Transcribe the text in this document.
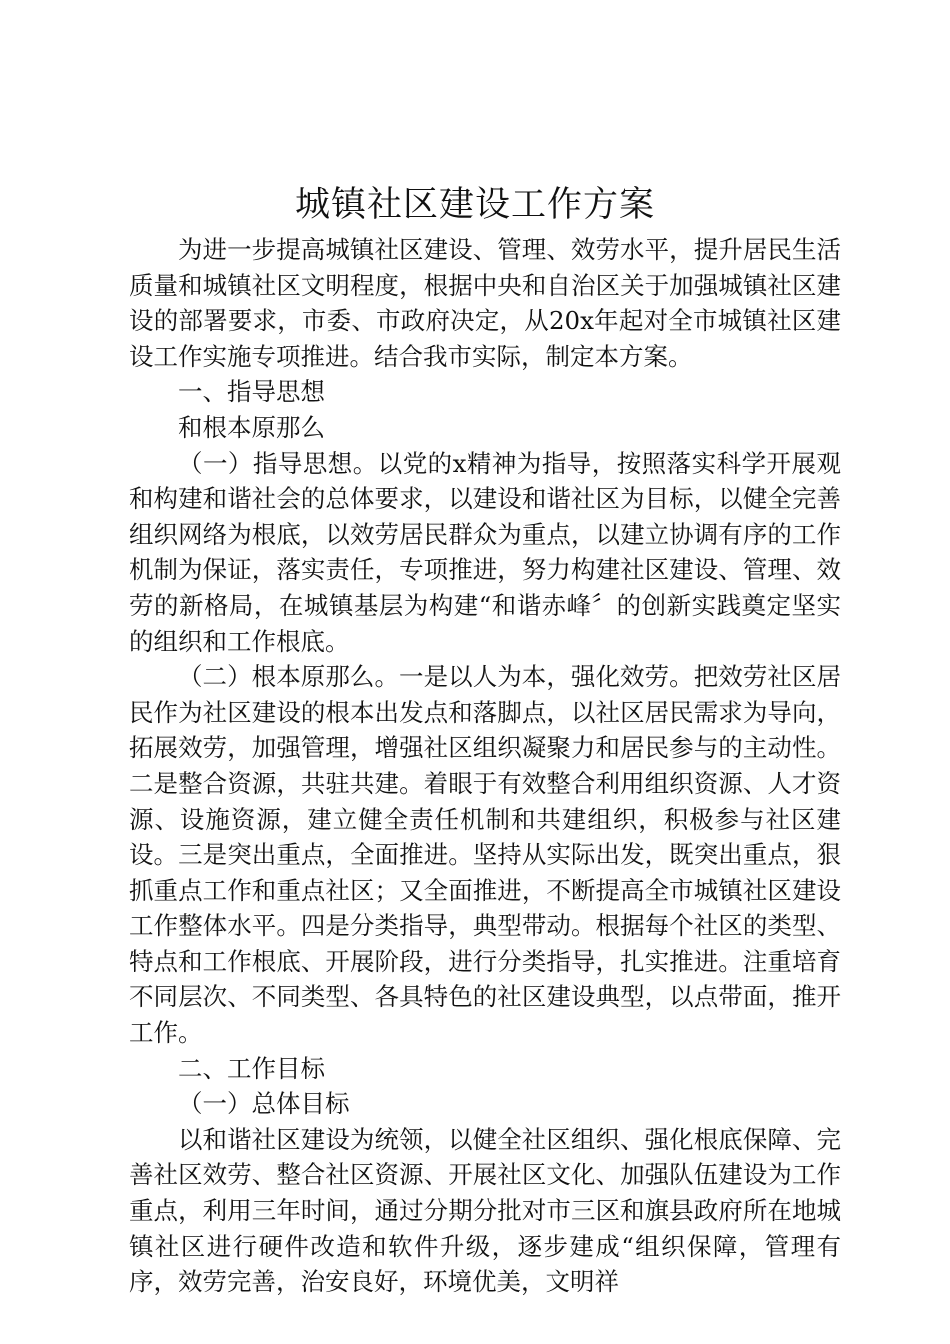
城镇社区建设工作方案

为进一步提高城镇社区建设、管理、效劳水平，提升居民生活质量和城镇社区文明程度，根据中央和自治区关于加强城镇社区建设的部署要求，市委、市政府决定，从20x年起对全市城镇社区建设工作实施专项推进。结合我市实际，制定本方案。

一、指导思想

和根本原那么

（一）指导思想。以党的x精神为指导，按照落实科学开展观和构建和谐社会的总体要求，以建设和谐社区为目标，以健全完善组织网络为根底，以效劳居民群众为重点，以建立协调有序的工作机制为保证，落实责任，专项推进，努力构建社区建设、管理、效劳的新格局，在城镇基层为构建“和谐赤峰〞的创新实践奠定坚实的组织和工作根底。

（二）根本原那么。一是以人为本，强化效劳。把效劳社区居民作为社区建设的根本出发点和落脚点，以社区居民需求为导向，拓展效劳，加强管理，增强社区组织凝聚力和居民参与的主动性。二是整合资源，共驻共建。着眼于有效整合利用组织资源、人才资源、设施资源，建立健全责任机制和共建组织，积极参与社区建设。三是突出重点，全面推进。坚持从实际出发，既突出重点，狠抓重点工作和重点社区；又全面推进，不断提高全市城镇社区建设工作整体水平。四是分类指导，典型带动。根据每个社区的类型、特点和工作根底、开展阶段，进行分类指导，扎实推进。注重培育不同层次、不同类型、各具特色的社区建设典型，以点带面，推开工作。

二、工作目标

（一）总体目标

以和谐社区建设为统领，以健全社区组织、强化根底保障、完善社区效劳、整合社区资源、开展社区文化、加强队伍建设为工作重点，利用三年时间，通过分期分批对市三区和旗县政府所在地城镇社区进行硬件改造和软件升级，逐步建成“组织保障，管理有序，效劳完善，治安良好，环境优美，文明祥
